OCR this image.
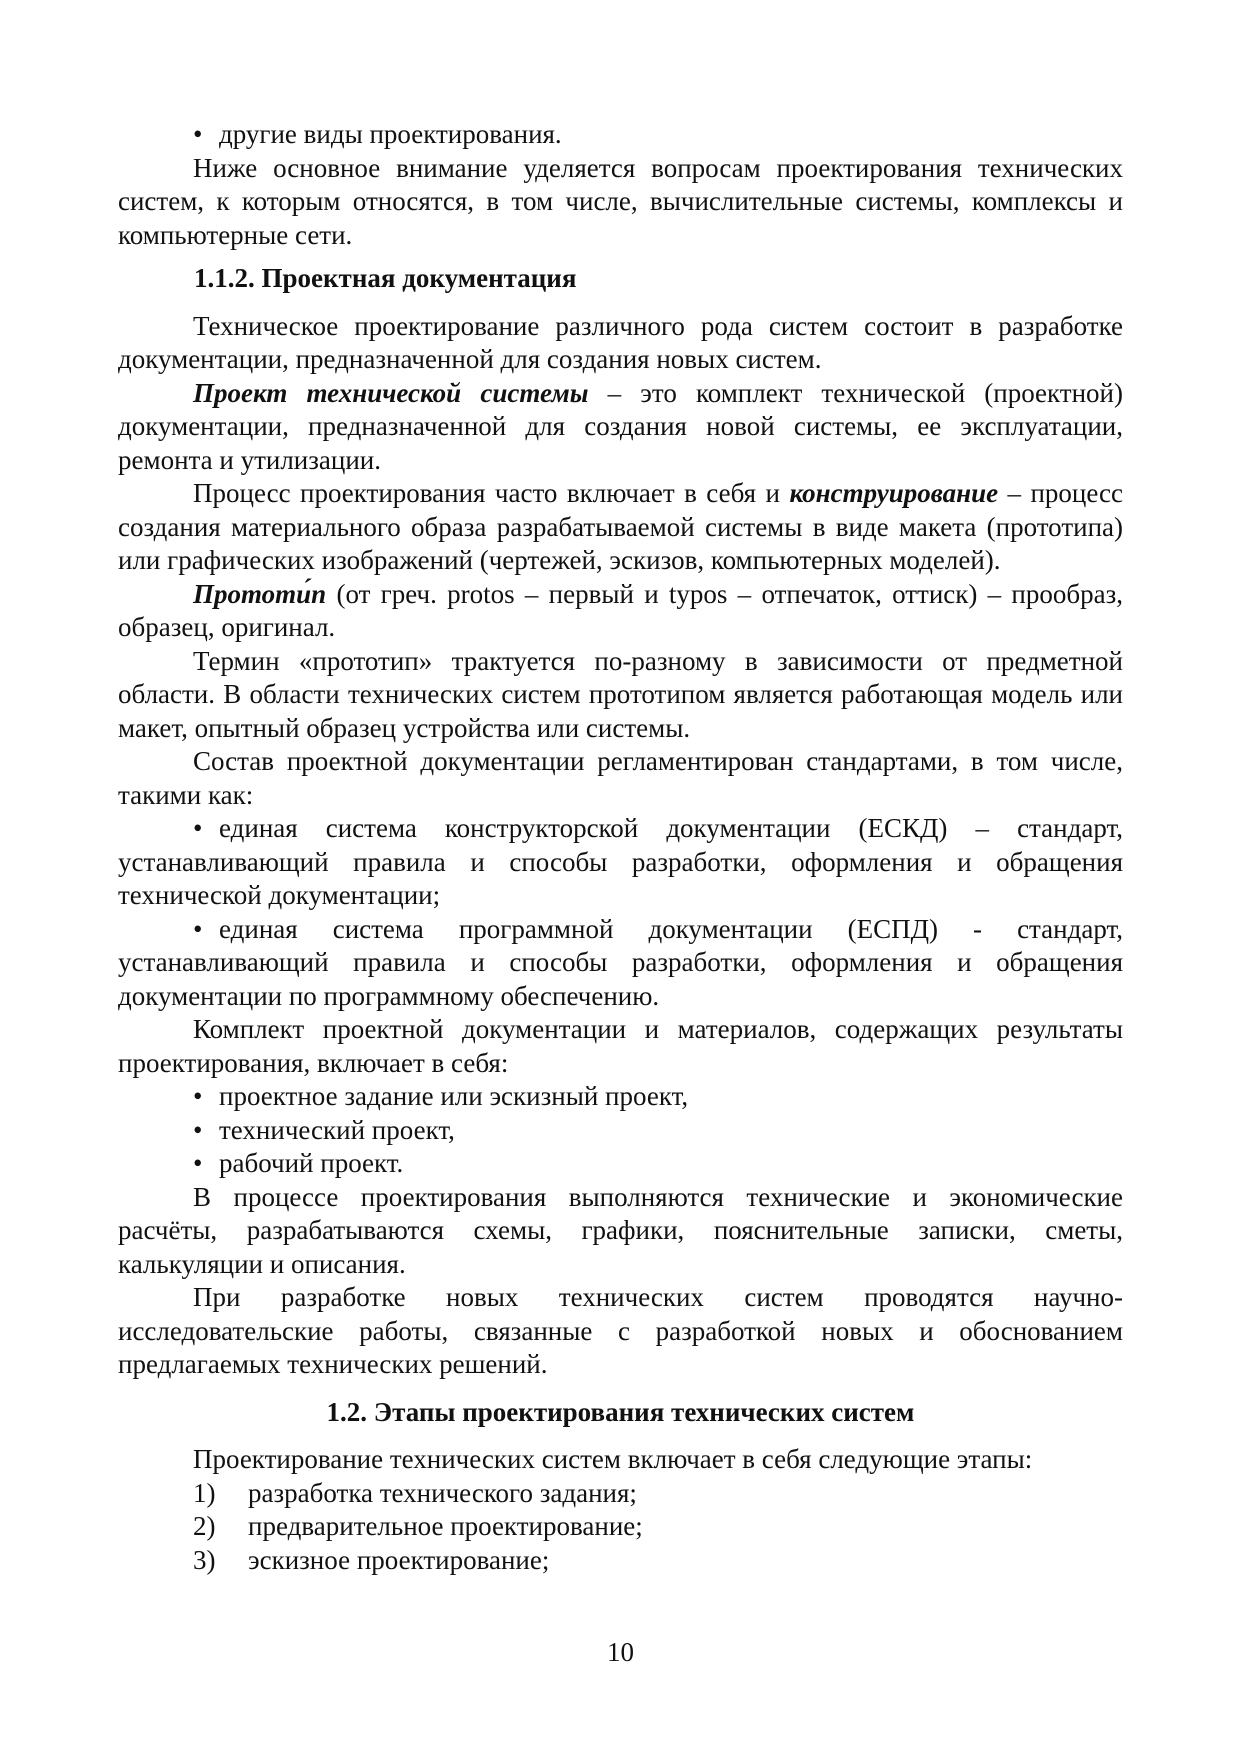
• другие виды проектирования.

Ниже основное внимание уделяется вопросам проектирования технических систем, к которым относятся, в том числе, вычислительные системы, комплексы и компьютерные сети.

1.1.2. Проектная документация

Техническое проектирование различного рода систем состоит в разработке документации, предназначенной для создания новых систем.

Проект технической системы – это комплект технической (проектной) документации, предназначенной для создания новой системы, ее эксплуатации, ремонта и утилизации.

Процесс проектирования часто включает в себя и конструирование – процесс создания материального образа разрабатываемой системы в виде макета (прототипа) или графических изображений (чертежей, эскизов, компьютерных моделей).

Прототи́п (от греч. protos – первый и typos – отпечаток, оттиск) – прообраз, образец, оригинал.

Термин «прототип» трактуется по-разному в зависимости от предметной области. В области технических систем прототипом является работающая модель или макет, опытный образец устройства или системы.

Состав проектной документации регламентирован стандартами, в том числе, такими как:

• единая система конструкторской документации (ЕСКД) – стандарт, устанавливающий правила и способы разработки, оформления и обращения технической документации;

• единая система программной документации (ЕСПД) - стандарт, устанавливающий правила и способы разработки, оформления и обращения документации по программному обеспечению.

Комплект проектной документации и материалов, содержащих результаты проектирования, включает в себя:

• проектное задание или эскизный проект,

• технический проект,

• рабочий проект.

В процессе проектирования выполняются технические и экономические расчёты, разрабатываются схемы, графики, пояснительные записки, сметы, калькуляции и описания.

При разработке новых технических систем проводятся научно-исследовательские работы, связанные с разработкой новых и обоснованием предлагаемых технических решений.

1.2. Этапы проектирования технических систем

Проектирование технических систем включает в себя следующие этапы:

1) разработка технического задания;
2) предварительное проектирование;
3) эскизное проектирование;
10
